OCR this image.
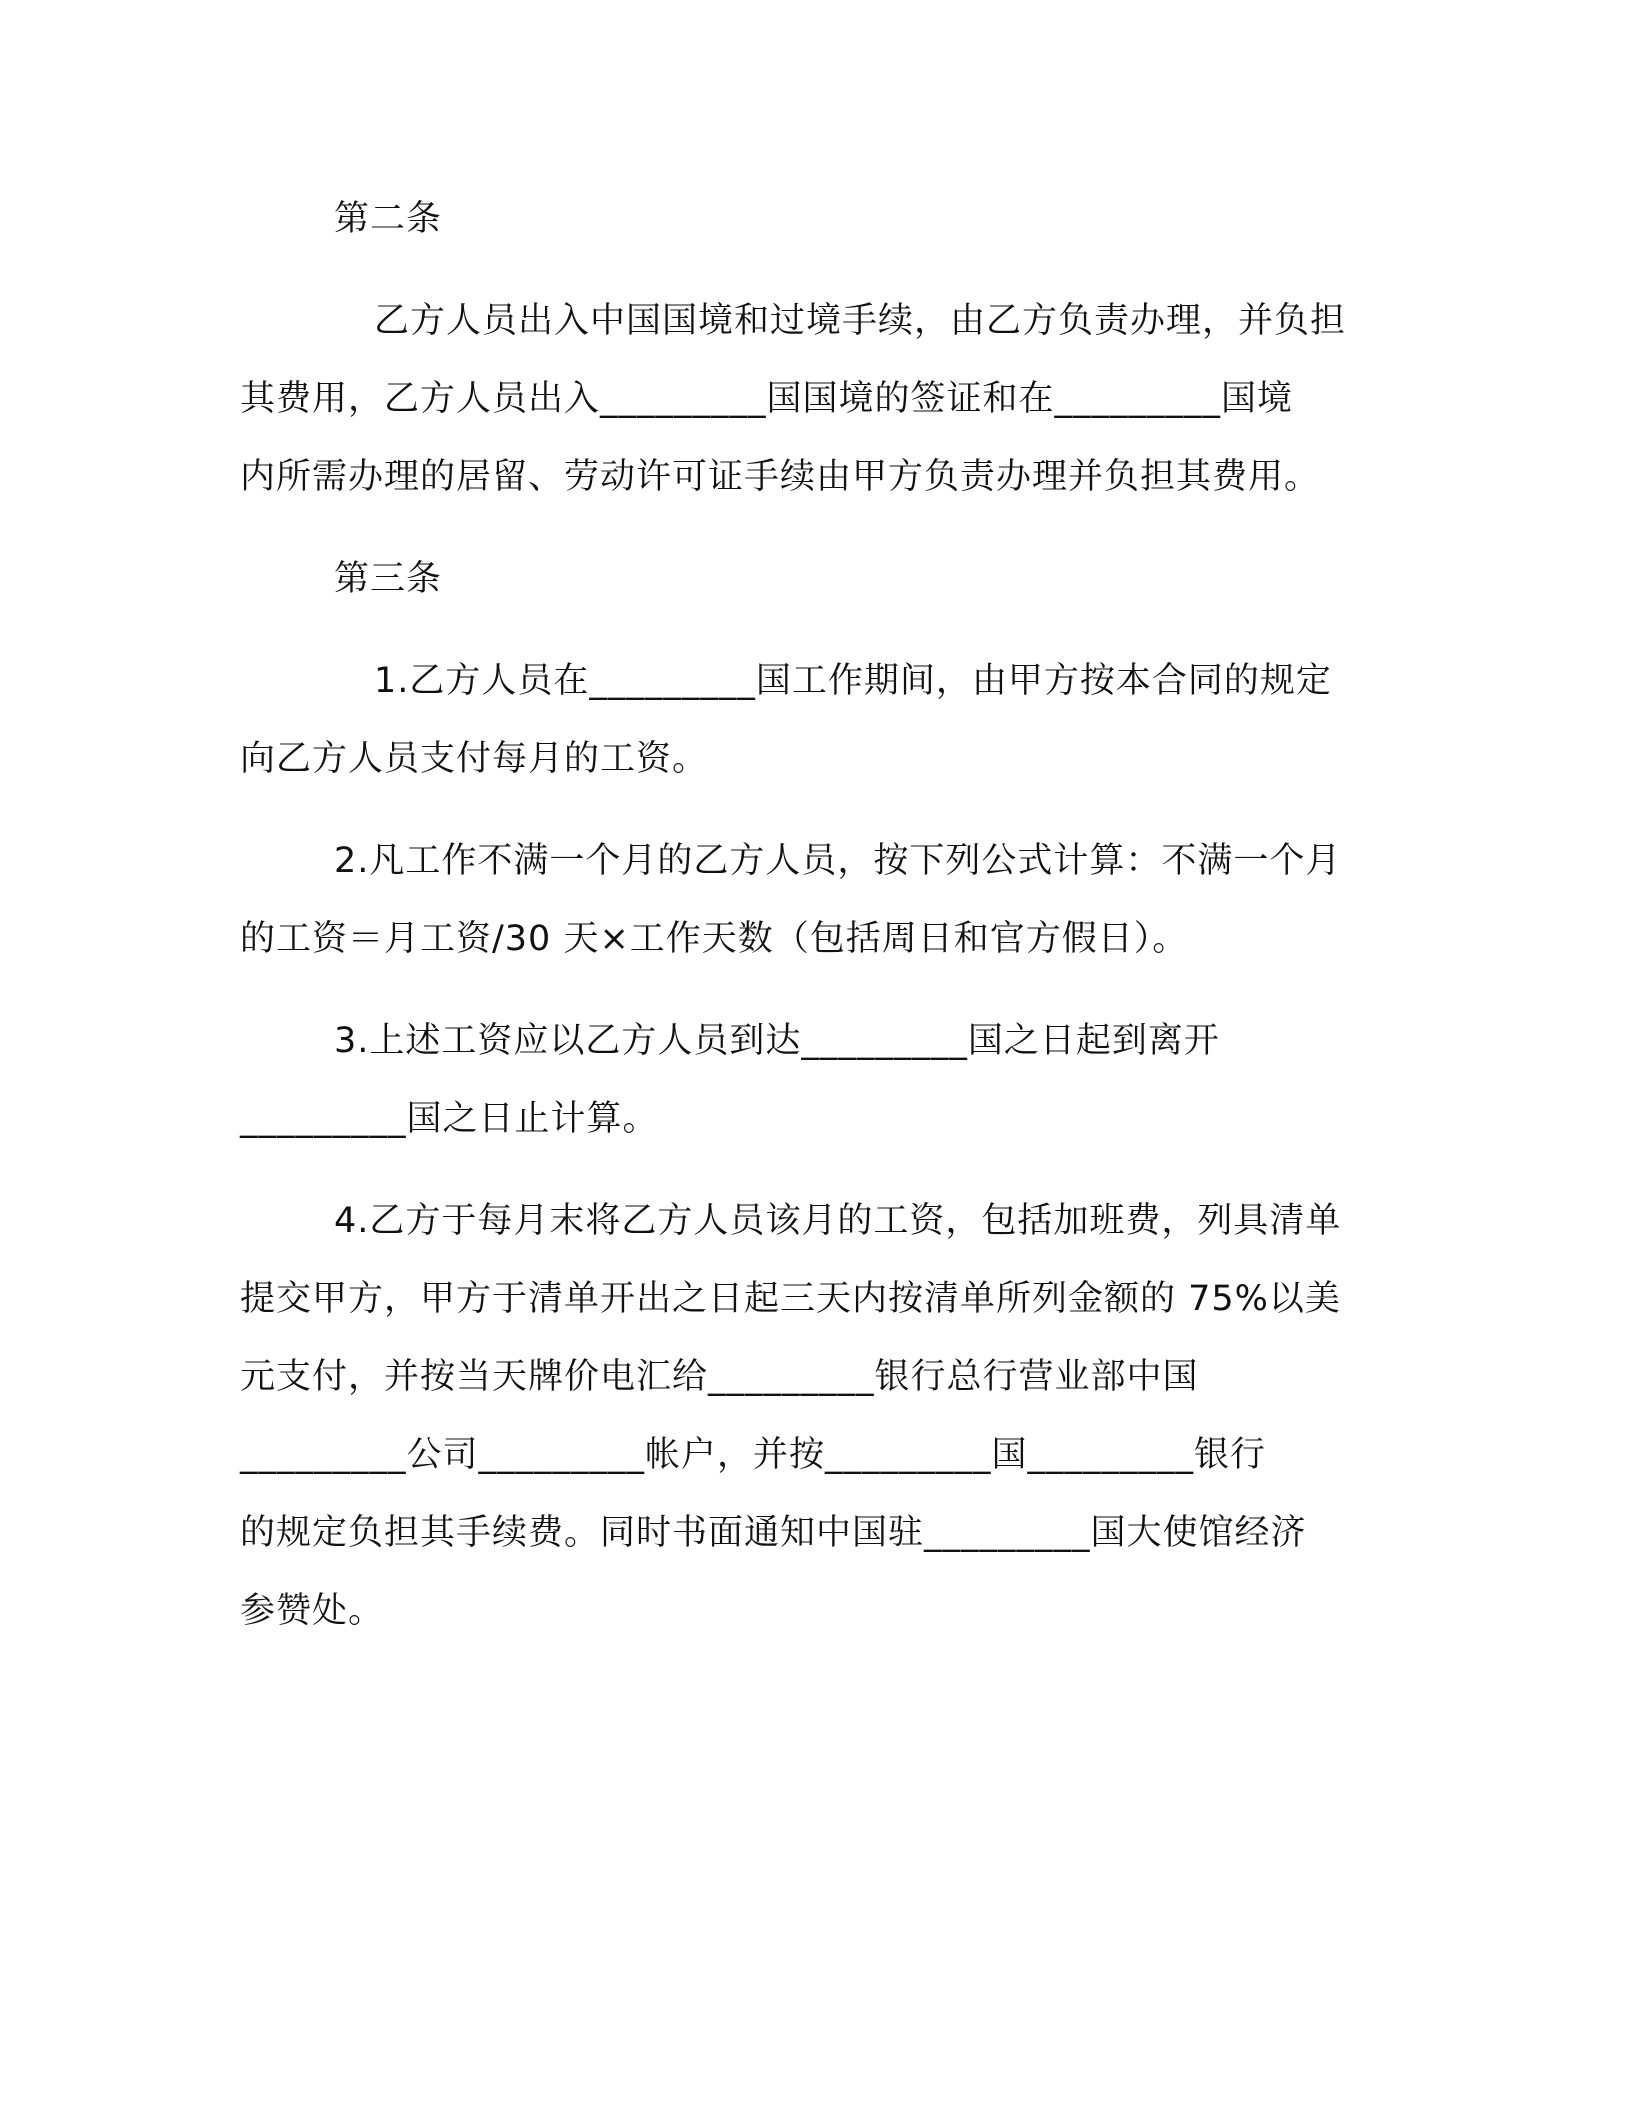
第二条
乙方人员出入中国国境和过境手续，由乙方负责办理，并负担
其费用，乙方人员出入_________国国境的签证和在_________国境
内所需办理的居留、劳动许可证手续由甲方负责办理并负担其费用。
第三条
1.乙方人员在_________国工作期间，由甲方按本合同的规定
向乙方人员支付每月的工资。
2.凡工作不满一个月的乙方人员，按下列公式计算：不满一个月
的工资＝月工资/30 天×工作天数（包括周日和官方假日）。
3.上述工资应以乙方人员到达_________国之日起到离开
_________国之日止计算。
4.乙方于每月末将乙方人员该月的工资，包括加班费，列具清单
提交甲方，甲方于清单开出之日起三天内按清单所列金额的 75%以美
元支付，并按当天牌价电汇给_________银行总行营业部中国
_________公司_________帐户，并按_________国_________银行
的规定负担其手续费。同时书面通知中国驻_________国大使馆经济
参赞处。
